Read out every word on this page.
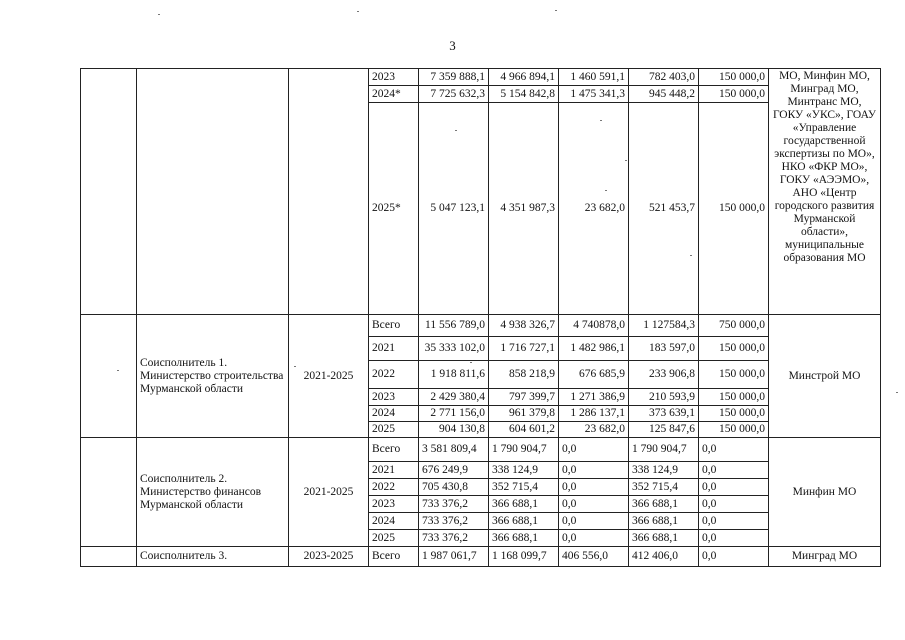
3
			2023	7 359 888,1	4 966 894,1	1 460 591,1	782 403,0	150 000,0	МО, Минфин МО, Минград МО, Минтранс МО, ГОКУ «УКС», ГОАУ «Управление государственной экспертизы по МО», НКО «ФКР МО», ГОКУ «АЭЭМО», АНО «Центр городского развития Мурманской области», муниципальные образования МО
			2024*	7 725 632,3	5 154 842,8	1 475 341,3	945 448,2	150 000,0	
			2025*	5 047 123,1	4 351 987,3	23 682,0	521 453,7	150 000,0	
	Соисполнитель 1. Министерство строительства Мурманской области	2021-2025	Всего	11 556 789,0	4 938 326,7	4 740878,0	1 127584,3	750 000,0	Минстрой МО
			2021	35 333 102,0	1 716 727,1	1 482 986,1	183 597,0	150 000,0	
			2022	1 918 811,6	858 218,9	676 685,9	233 906,8	150 000,0	
			2023	2 429 380,4	797 399,7	1 271 386,9	210 593,9	150 000,0	
			2024	2 771 156,0	961 379,8	1 286 137,1	373 639,1	150 000,0	
			2025	904 130,8	604 601,2	23 682,0	125 847,6	150 000,0	
	Соисполнитель 2. Министерство финансов Мурманской области	2021-2025	Всего	3 581 809,4	1 790 904,7	0,0	1 790 904,7	0,0	Минфин МО
			2021	676 249,9	338 124,9	0,0	338 124,9	0,0	
			2022	705 430,8	352 715,4	0,0	352 715,4	0,0	
			2023	733 376,2	366 688,1	0,0	366 688,1	0,0	
			2024	733 376,2	366 688,1	0,0	366 688,1	0,0	
			2025	733 376,2	366 688,1	0,0	366 688,1	0,0	
	Соисполнитель 3.	2023-2025	Всего	1 987 061,7	1 168 099,7	406 556,0	412 406,0	0,0	Минград МО
